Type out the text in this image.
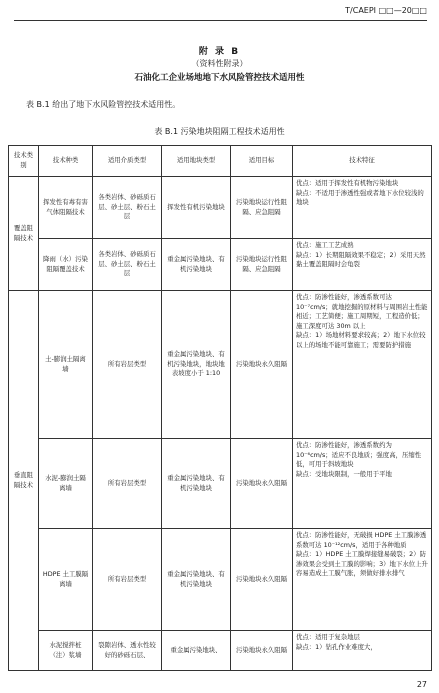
T/CAEPI □□—20□□
附 录 B
（资料性附录）
石油化工企业场地地下水风险管控技术适用性
表 B.1 给出了地下水风险管控技术适用性。
表 B.1 污染地块阻隔工程技术适用性
技术类别	技术种类	适用介质类型	适用地块类型	适用目标	技术特征
覆盖阻隔技术	挥发性有毒有害气体阻隔技术	各类岩体、砂砾质石层、砂土层、粉石土层	挥发性有机污染地块	污染地块运行性阻隔、应急阻隔	优点：适用于挥发性有机物污染地块
缺点：不适用于渗透性强或者地下水位较浅的地块
	降雨（水）污染阻隔覆盖技术	各类岩体、砂砾质石层、砂土层、粉石土层	重金属污染地块、有机污染地块	污染地块运行性阻隔、应急阻隔	优点：施工工艺成熟
缺点：1）长期阻隔效果不稳定；2）采用天然黏土覆盖阻隔时会龟裂
垂直阻隔技术	土-膨润土隔离墙	所有岩层类型	重金属污染地块、有机污染地块，地块地表坡度小于 1:10	污染地块永久阻隔	优点：防渗性能好，渗透系数可达 10⁻⁷cm/s；就地挖掘的原材料与周围岩土性能相近；工艺简便；施工周期短，工程造价低；施工深度可达 30m 以上
缺点：1）场地材料要求较高；2）地下水位较以上的场地不能可靠施工；需要防护措施
	水泥-膨润土隔离墙	所有岩层类型	重金属污染地块、有机污染地块	污染地块永久阻隔	优点：防渗性能好，渗透系数约为 10⁻⁶cm/s；适应不良地质；强度高，压缩性低，可用于斜坡地块
缺点：受地块限制，一般用于平地
	HDPE 土工膜隔离墙	所有岩层类型	重金属污染地块、有机污染地块	污染地块永久阻隔	优点：防渗性能好，无破损 HDPE 土工膜渗透系数可达 10⁻¹²cm/s，适用于各种地质
缺点：1）HDPE 土工膜焊接缝易破裂；2）防渗效果会受到土工膜的影响；3）地下水位上升容易造成土工膜气胀，须做好排水排气
	水泥搅拌桩（注）浆墙	裂隙岩体、透水性较好的砂砾石层、	重金属污染地块、	污染地块永久阻隔	优点：适用于复杂地层
缺点：1）钻孔作业难度大，
27
